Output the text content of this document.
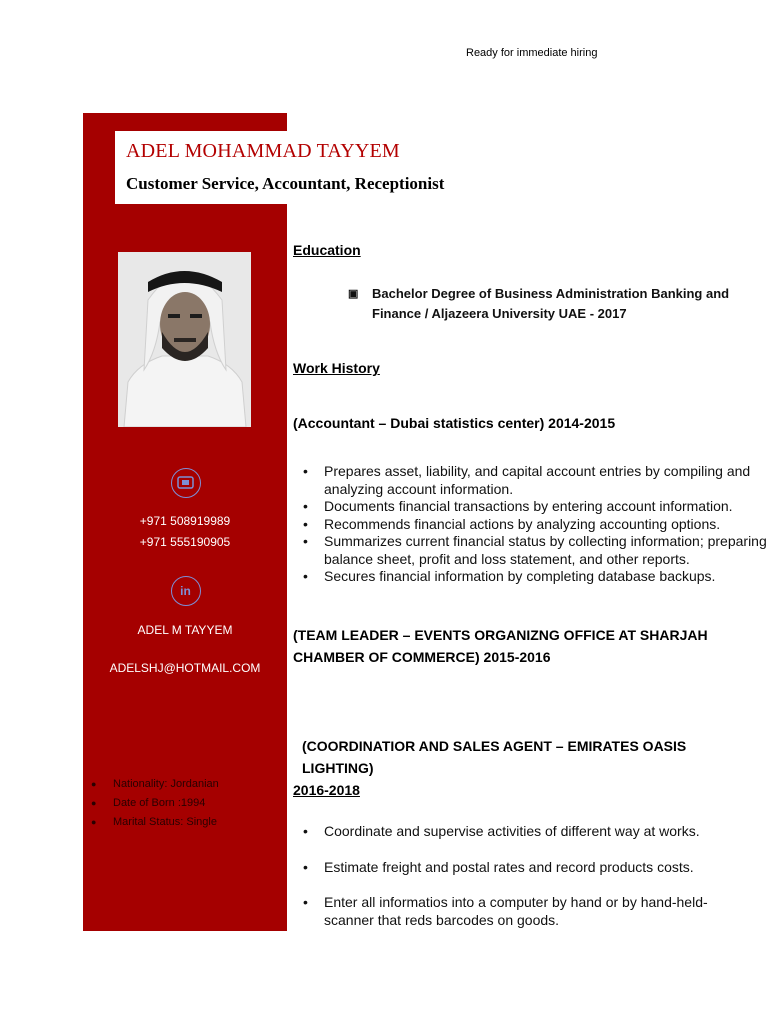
Ready for immediate hiring
ADEL MOHAMMAD TAYYEM
Customer Service, Accountant, Receptionist
+971 508919989
+971 555190905
in
ADEL M TAYYEM
ADELSHJ@HOTMAIL.COM
●	Nationality: Jordanian
●	Date of Born :1994
●	Marital Status: Single
Education
▣	Bachelor Degree of Business Administration Banking and Finance / Aljazeera University UAE - 2017
Work History
(Accountant – Dubai statistics center) 2014-2015
•	Prepares asset, liability, and capital account entries by compiling and analyzing account information.
•	Documents financial transactions by entering account information.
•	Recommends financial actions by analyzing accounting options.
•	Summarizes current financial status by collecting information; preparing balance sheet, profit and loss statement, and other reports.
•	Secures financial information by completing database backups.
(TEAM LEADER – EVENTS ORGANIZNG OFFICE AT SHARJAH CHAMBER OF COMMERCE) 2015-2016
(COORDINATIOR AND SALES AGENT – EMIRATES OASIS LIGHTING)
2016-2018
•	Coordinate and supervise activities of different way at works.
•	Estimate freight and postal rates and record products costs.
•	Enter all informatios into a computer by hand or by hand-held-scanner that reds barcodes on goods.
